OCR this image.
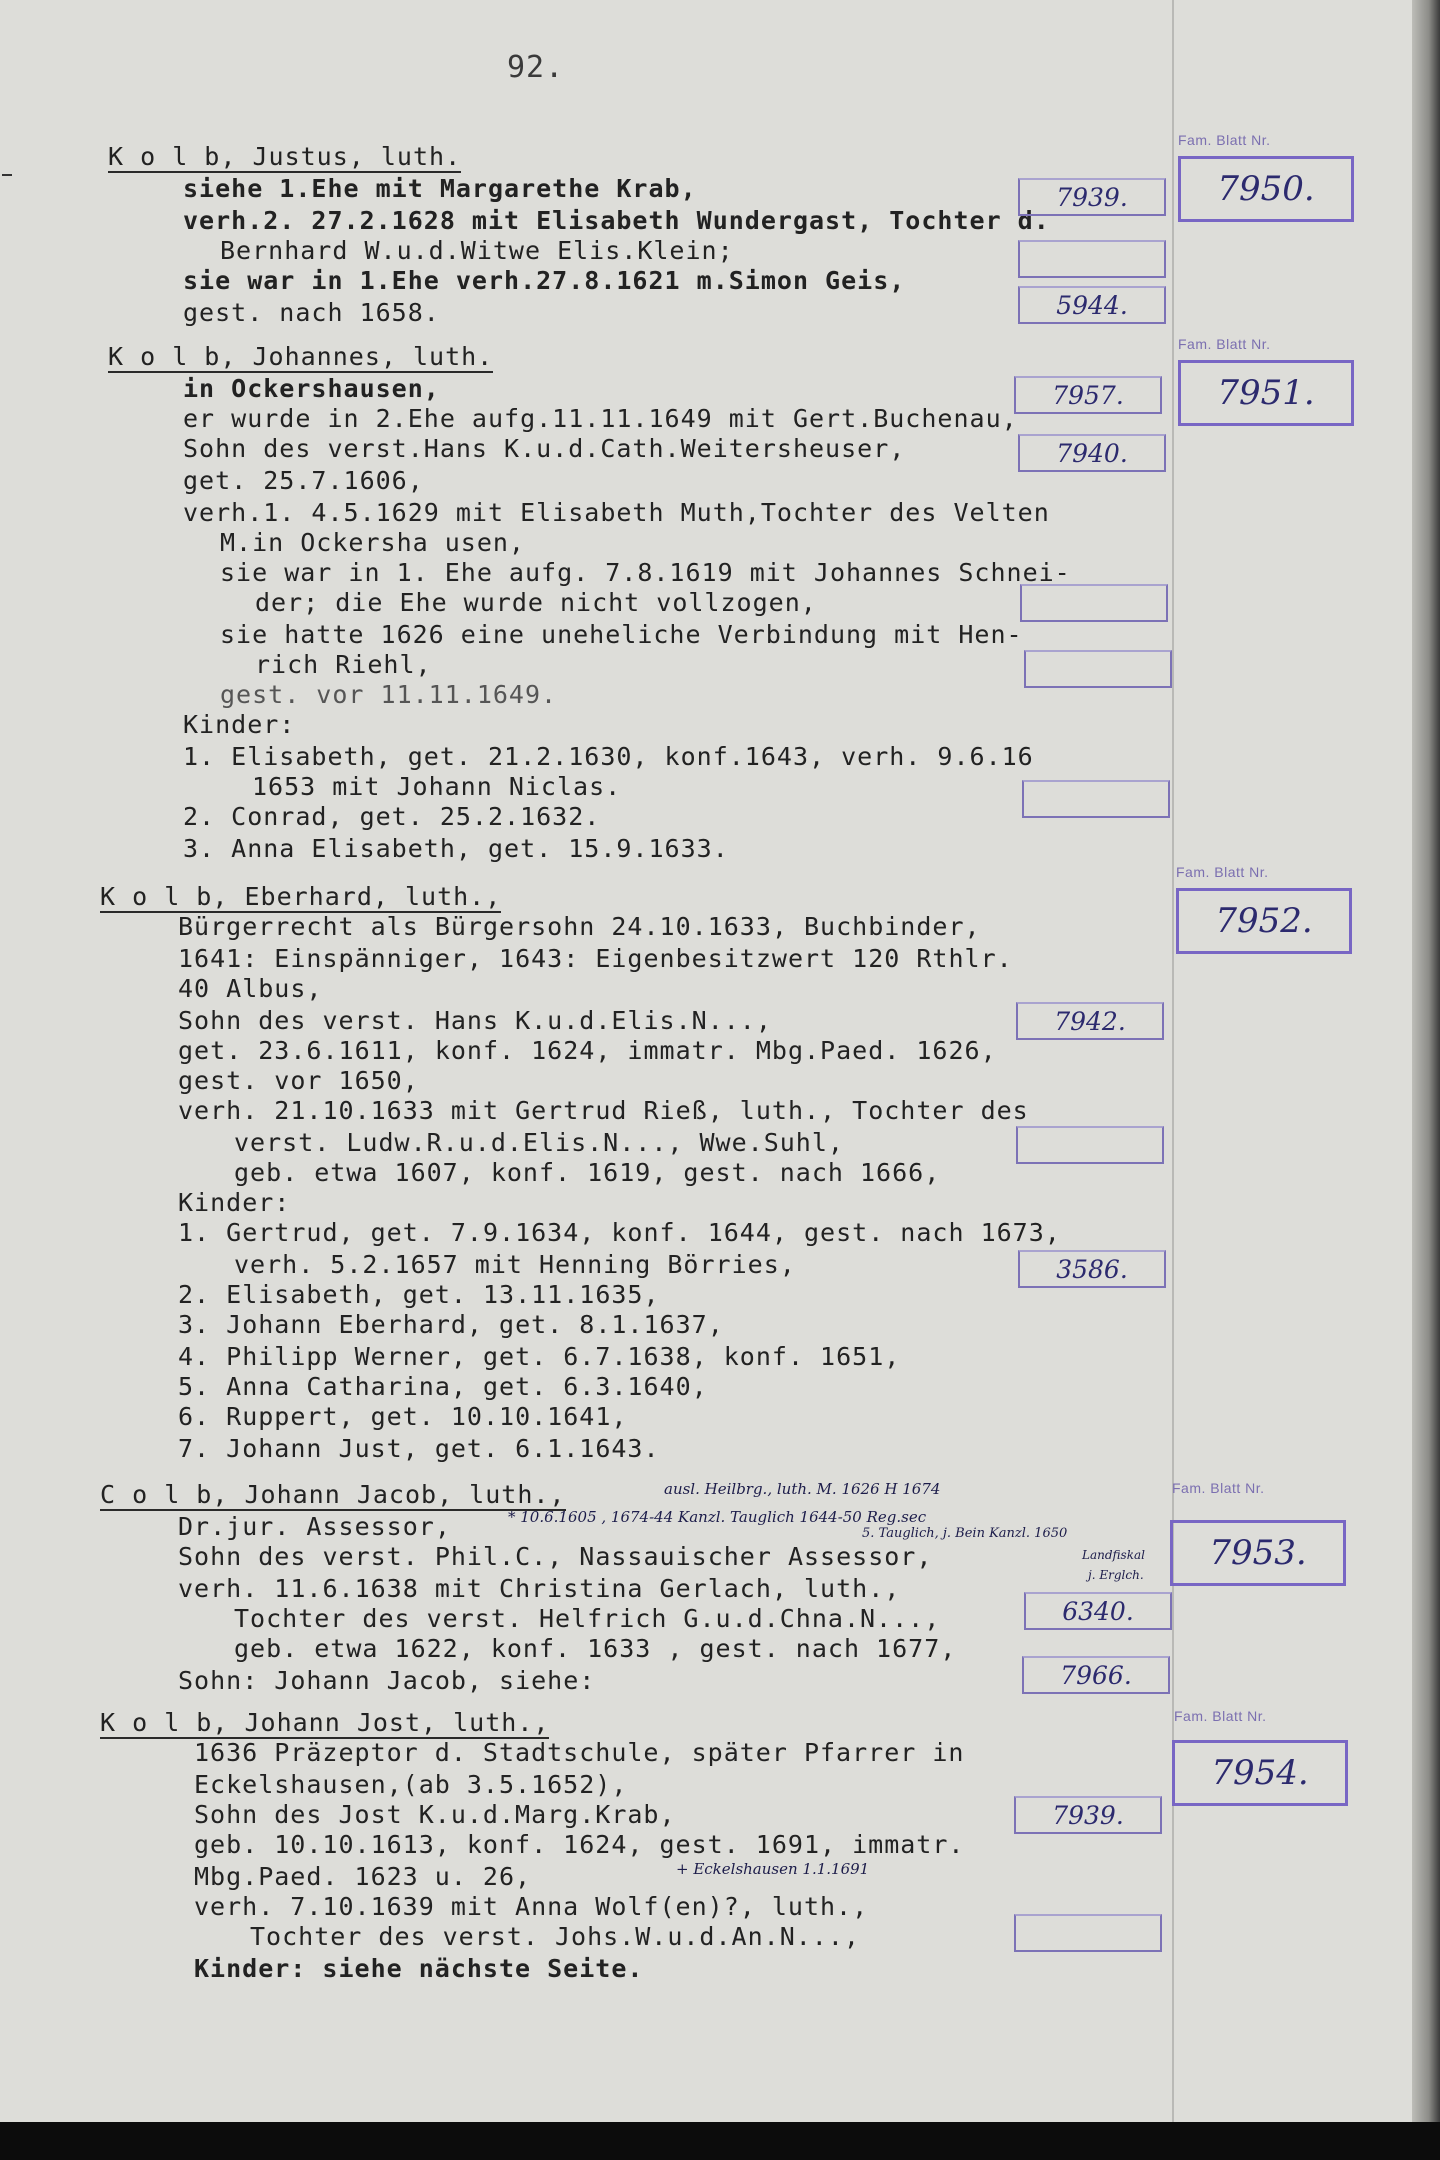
92.
K o l b, Justus, luth.
siehe 1.Ehe mit Margarethe Krab,
verh.2. 27.2.1628 mit Elisabeth Wundergast, Tochter d.
Bernhard W.u.d.Witwe Elis.Klein;
sie war in 1.Ehe verh.27.8.1621 m.Simon Geis,
gest. nach 1658.
Fam. Blatt Nr.
7950.
7939.
5944.
K o l b, Johannes, luth.
in Ockershausen,
er wurde in 2.Ehe aufg.11.11.1649 mit Gert.Buchenau,
Sohn des verst.Hans K.u.d.Cath.Weitersheuser,
get. 25.7.1606,
verh.1. 4.5.1629 mit Elisabeth Muth,Tochter des Velten
M.in Ockersha usen,
sie war in 1. Ehe aufg. 7.8.1619 mit Johannes Schnei-
der; die Ehe wurde nicht vollzogen,
sie hatte 1626 eine uneheliche Verbindung mit Hen-
rich Riehl,
gest. vor 11.11.1649.
Kinder:
1. Elisabeth, get. 21.2.1630, konf.1643, verh. 9.6.16
1653 mit Johann Niclas.
2. Conrad, get. 25.2.1632.
3. Anna Elisabeth, get. 15.9.1633.
Fam. Blatt Nr.
7951.
7957.
7940.
K o l b, Eberhard, luth.,
Bürgerrecht als Bürgersohn 24.10.1633, Buchbinder,
1641: Einspänniger, 1643: Eigenbesitzwert 120 Rthlr.
40 Albus,
Sohn des verst. Hans K.u.d.Elis.N...,
get. 23.6.1611, konf. 1624, immatr. Mbg.Paed. 1626,
gest. vor 1650,
verh. 21.10.1633 mit Gertrud Rieß, luth., Tochter des
verst. Ludw.R.u.d.Elis.N..., Wwe.Suhl,
geb. etwa 1607, konf. 1619, gest. nach 1666,
Kinder:
1. Gertrud, get. 7.9.1634, konf. 1644, gest. nach 1673,
verh. 5.2.1657 mit Henning Börries,
2. Elisabeth, get. 13.11.1635,
3. Johann Eberhard, get. 8.1.1637,
4. Philipp Werner, get. 6.7.1638, konf. 1651,
5. Anna Catharina, get. 6.3.1640,
6. Ruppert, get. 10.10.1641,
7. Johann Just, get. 6.1.1643.
Fam. Blatt Nr.
7952.
7942.
3586.
C o l b, Johann Jacob, luth.,
Dr.jur. Assessor,
Sohn des verst. Phil.C., Nassauischer Assessor,
verh. 11.6.1638 mit Christina Gerlach, luth.,
Tochter des verst. Helfrich G.u.d.Chna.N...,
geb. etwa 1622, konf. 1633 , gest. nach 1677,
Sohn: Johann Jacob, siehe:
ausl. Heilbrg., luth. M. 1626 H 1674
* 10.6.1605 , 1674-44 Kanzl. Tauglich 1644-50 Reg.sec
5. Tauglich, j. Bein Kanzl. 1650
Landfiskal
j. Erglch.
Fam. Blatt Nr.
7953.
6340.
7966.
K o l b, Johann Jost, luth.,
1636 Präzeptor d. Stadtschule, später Pfarrer in
Eckelshausen,(ab 3.5.1652),
Sohn des Jost K.u.d.Marg.Krab,
geb. 10.10.1613, konf. 1624, gest. 1691, immatr.
Mbg.Paed. 1623 u. 26,
verh. 7.10.1639 mit Anna Wolf(en)?, luth.,
Tochter des verst. Johs.W.u.d.An.N...,
Kinder: siehe nächste Seite.
+ Eckelshausen 1.1.1691
Fam. Blatt Nr.
7954.
7939.
